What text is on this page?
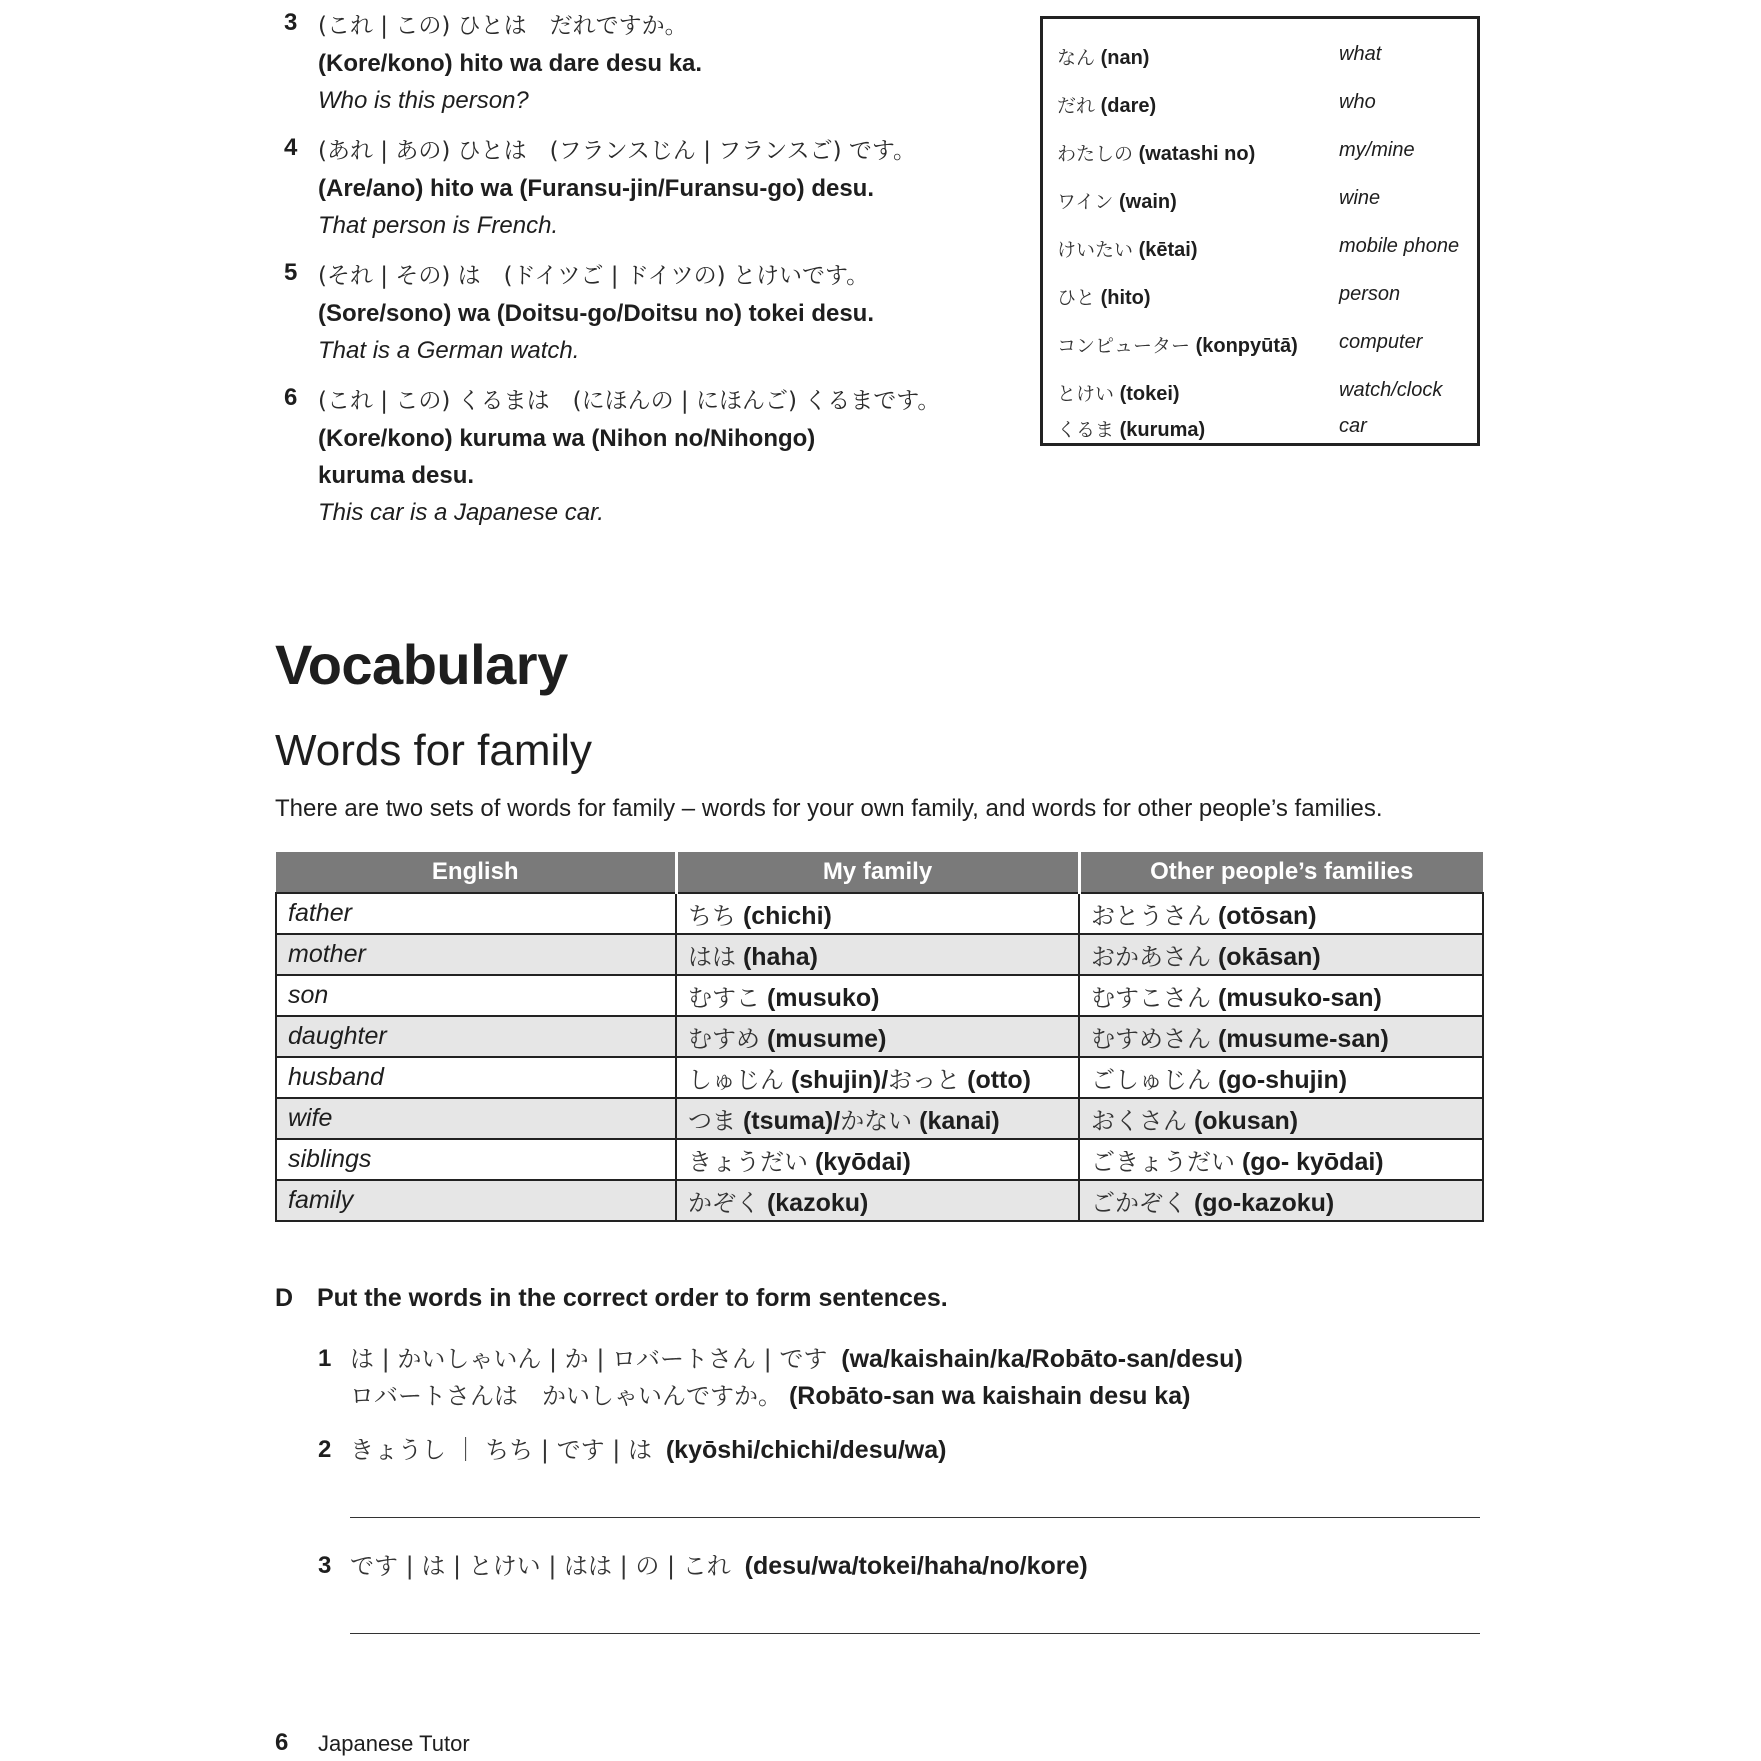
3 (これ | この) ひとは　だれですか。
(Kore/kono) hito wa dare desu ka.
Who is this person?
4 (あれ | あの) ひとは　(フランスじん | フランスご) です。
(Are/ano) hito wa (Furansu-jin/Furansu-go) desu.
That person is French.
5 (それ | その) は　(ドイツご | ドイツの) とけいです。
(Sore/sono) wa (Doitsu-go/Doitsu no) tokei desu.
That is a German watch.
6 (これ | この) くるまは　(にほんの | にほんご) くるまです。
(Kore/kono) kuruma wa (Nihon no/Nihongo)
kuruma desu.
This car is a Japanese car.
なん (nan)	what
だれ (dare)	who
わたしの (watashi no)	my/mine
ワイン (wain)	wine
けいたい (kētai)	mobile phone
ひと (hito)	person
コンピューター (konpyūtā) computer
とけい (tokei)	watch/clock
くるま (kuruma)	car
Vocabulary
Words for family
There are two sets of words for family – words for your own family, and words for other people’s families.
English	My family	Other people’s families
father	ちち (chichi)	おとうさん (otōsan)
mother	はは (haha)	おかあさん (okāsan)
son	むすこ (musuko)	むすこさん (musuko-san)
daughter	むすめ (musume)	むすめさん (musume-san)
husband	しゅじん (shujin)/おっと (otto)	ごしゅじん (go-shujin)
wife	つま (tsuma)/かない (kanai)	おくさん (okusan)
siblings	きょうだい (kyōdai)	ごきょうだい (go- kyōdai)
family	かぞく (kazoku)	ごかぞく (go-kazoku)
D Put the words in the correct order to form sentences.
1 は | かいしゃいん | か | ロバートさん | です (wa/kaishain/ka/Robāto-san/desu)
ロバートさんは　かいしゃいんですか。 (Robāto-san wa kaishain desu ka)
2 きょうし ｜ ちち | です | は (kyōshi/chichi/desu/wa)
3 です | は | とけい | はは | の | これ (desu/wa/tokei/haha/no/kore)
6 Japanese Tutor
